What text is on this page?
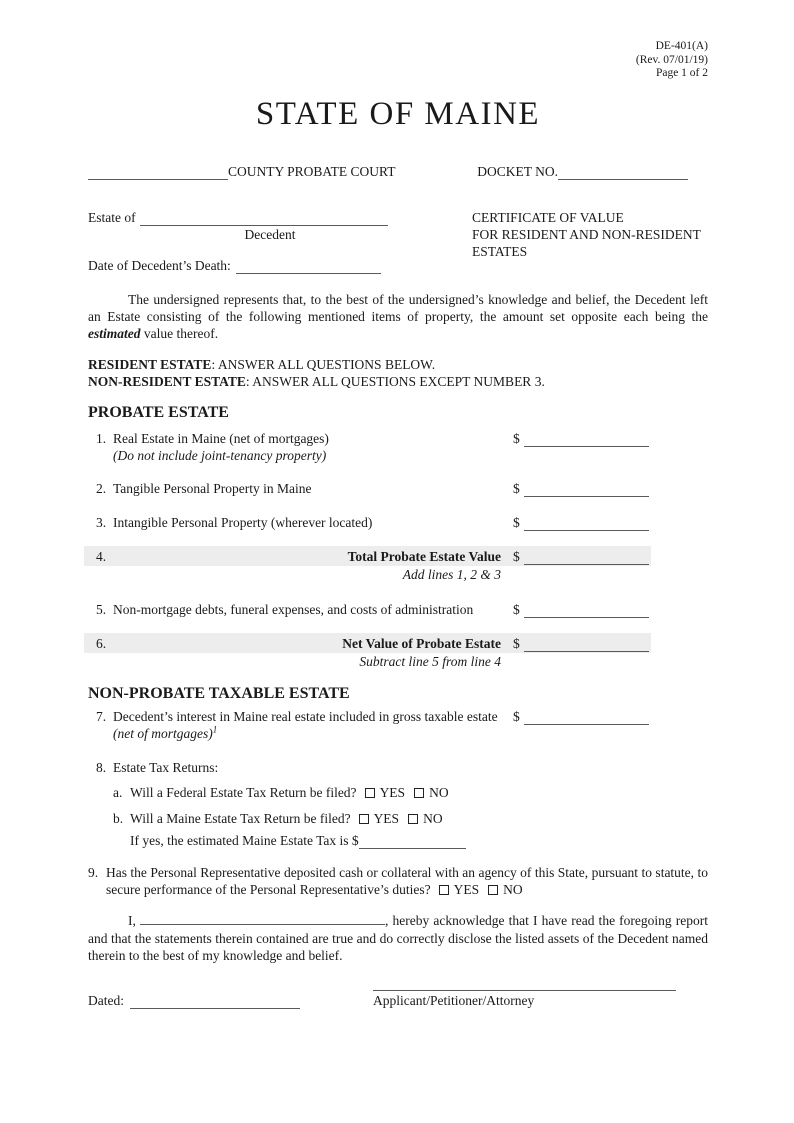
DE-401(A)
(Rev. 07/01/19)
Page 1 of 2
STATE OF MAINE
COUNTY PROBATE COURT	DOCKET NO.
Estate of
Decedent
Date of Decedent’s Death:
CERTIFICATE OF VALUE
FOR RESIDENT AND NON-RESIDENT
ESTATES

The undersigned represents that, to the best of the undersigned’s knowledge and belief, the Decedent left an Estate consisting of the following mentioned items of property, the amount set opposite each being the estimated value thereof.

RESIDENT ESTATE: ANSWER ALL QUESTIONS BELOW.
NON-RESIDENT ESTATE: ANSWER ALL QUESTIONS EXCEPT NUMBER 3.
PROBATE ESTATE
1. Real Estate in Maine (net of mortgages)	$
(Do not include joint-tenancy property)
2. Tangible Personal Property in Maine	$
3. Intangible Personal Property (wherever located)	$
4.	Total Probate Estate Value $
Add lines 1, 2 & 3
5. Non-mortgage debts, funeral expenses, and costs of administration	$
6.	Net Value of Probate Estate $
Subtract line 5 from line 4
NON-PROBATE TAXABLE ESTATE
7. Decedent’s interest in Maine real estate included in gross taxable estate	$
(net of mortgages)$^1$
8. Estate Tax Returns:
a. Will a Federal Estate Tax Return be filed? YES NO
b. Will a Maine Estate Tax Return be filed? YES NO
If yes, the estimated Maine Estate Tax is
$
9. Has the Personal Representative deposited cash or collateral with an agency of this State, pursuant to statute, to secure performance of the Personal Representative’s duties? YES NO

I,	, hereby acknowledge that I have read the foregoing report and that the statements therein contained are true and do correctly disclose the listed assets of the Decedent named therein to the best of my knowledge and belief.

Dated:	Applicant/Petitioner/Attorney
